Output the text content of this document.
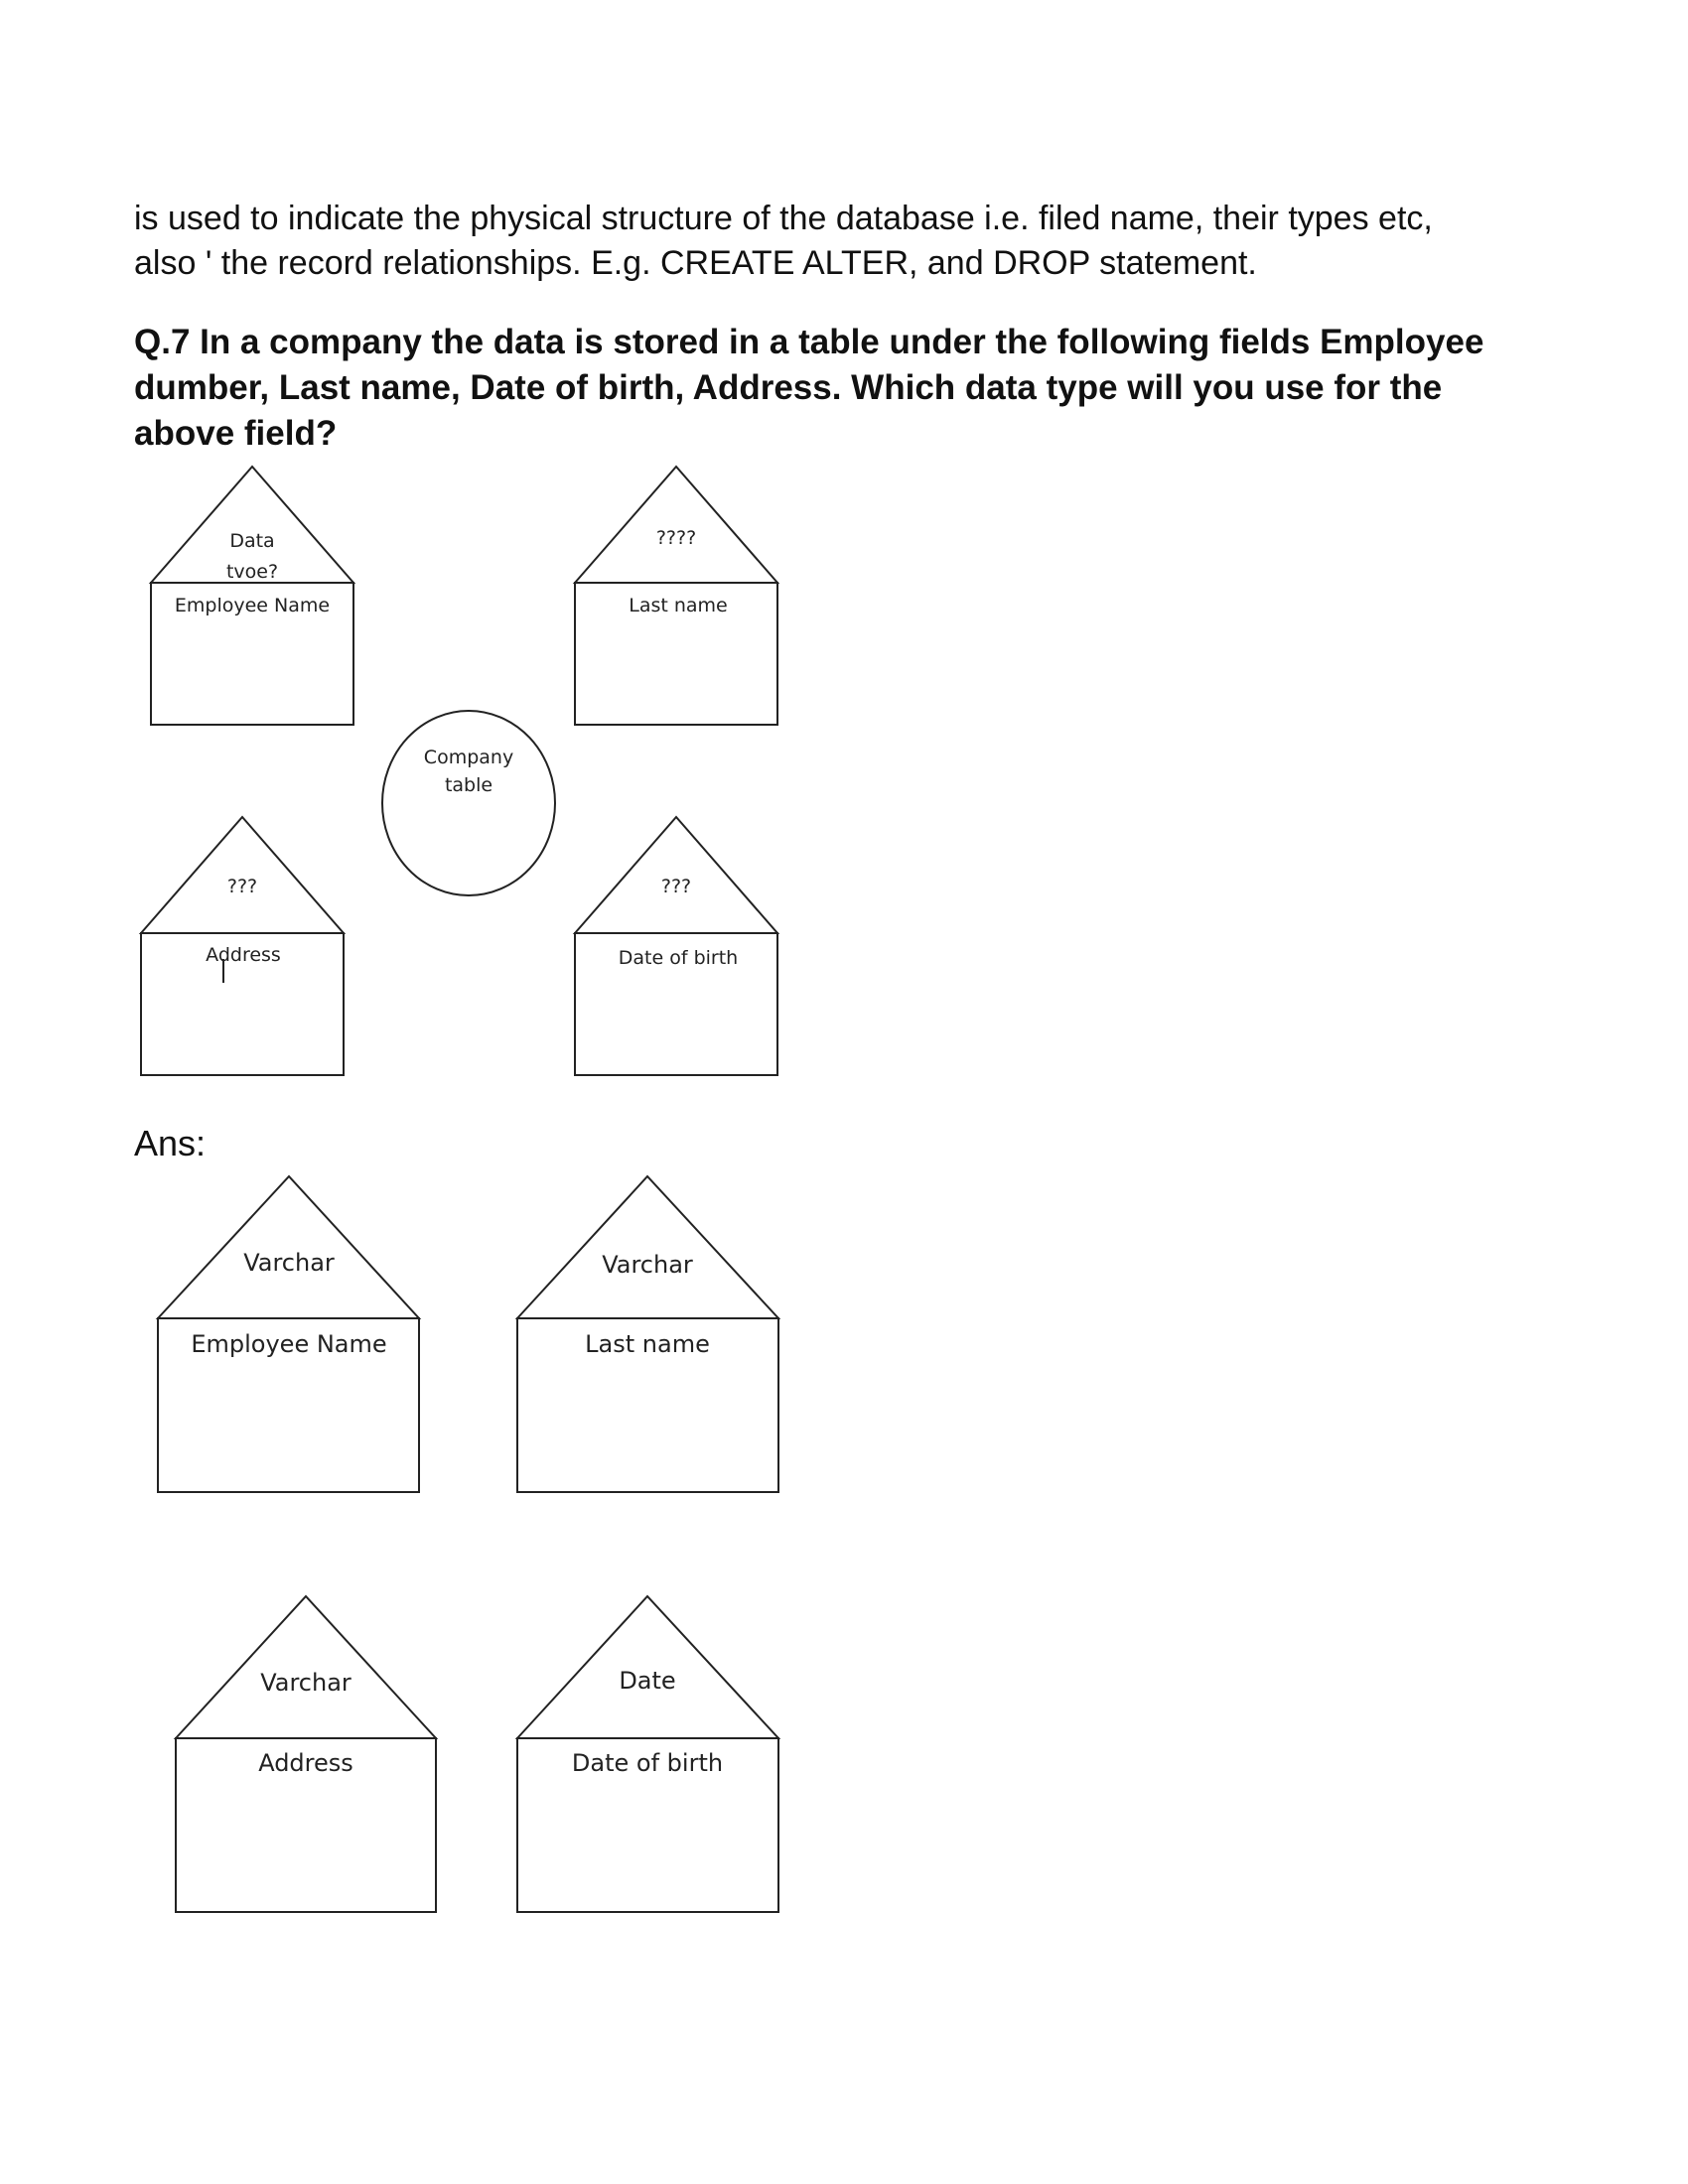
is used to indicate the physical structure of the database i.e. filed name, their types etc,
also ' the record relationships. E.g. CREATE ALTER, and DROP statement.
Q.7 In a company the data is stored in a table under the following fields Employee
dumber, Last name, Date of birth, Address. Which data type will you use for the
above field?
Data
tvoe?
Employee Name
????
Last name
???
Address
???
Date of birth
Company
table
Varchar
Employee Name
Varchar
Last name
Varchar
Address
Date
Date of birth
Ans:
